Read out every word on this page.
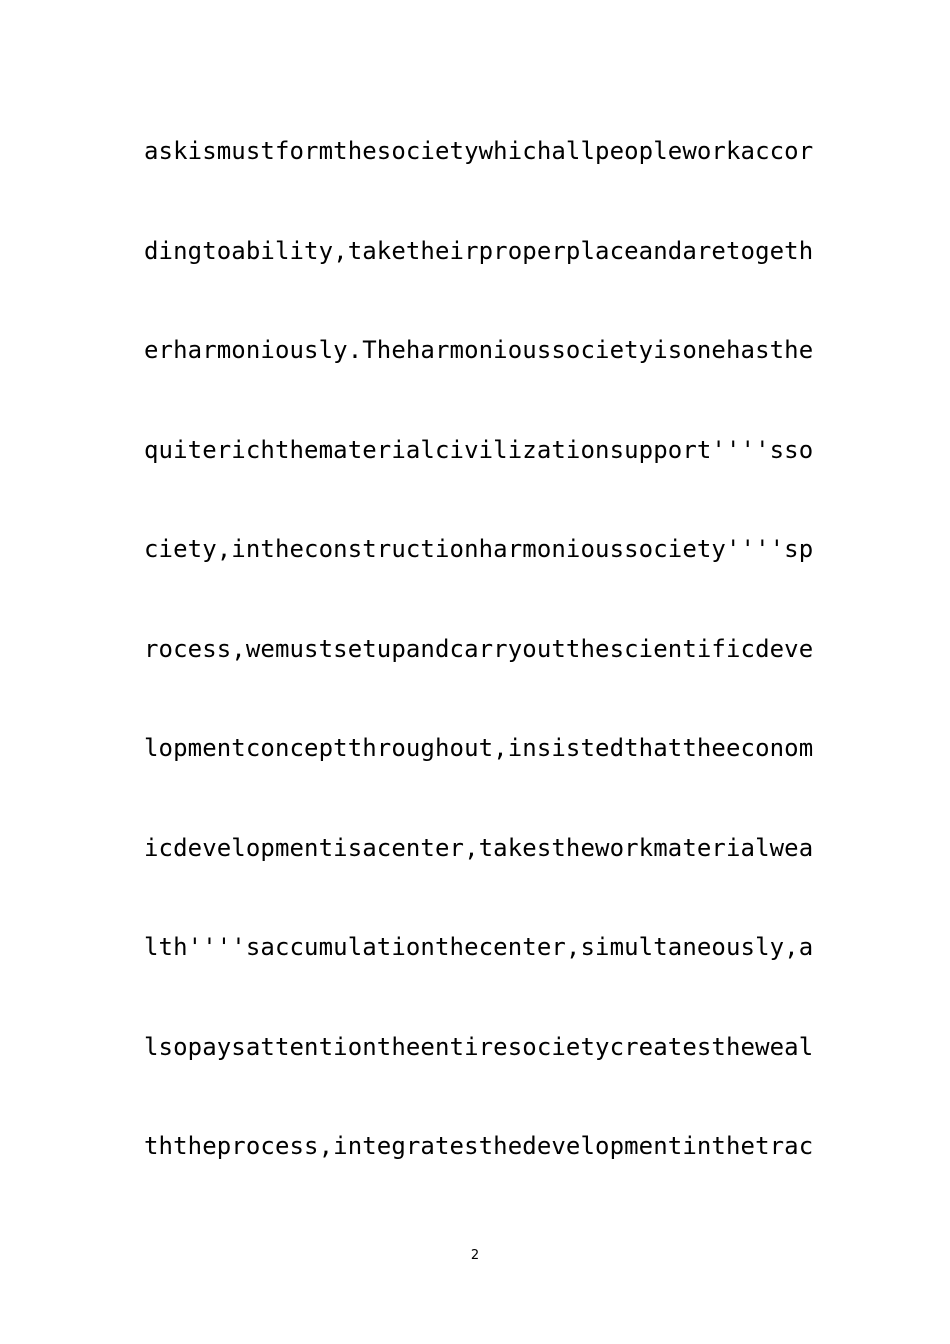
askismustformthesocietywhichallpeopleworkaccor
dingtoability,taketheirproperplaceandaretogeth
erharmoniously.Theharmonioussocietyisonehasthe
quiterichthematerialcivilizationsupport''''sso
ciety,intheconstructionharmonioussociety''''sp
rocess,wemustsetupandcarryoutthescientificdeve
lopmentconceptthroughout,insistedthattheeconom
icdevelopmentisacenter,takestheworkmaterialwea
lth''''saccumulationthecenter,simultaneously,a
lsopaysattentiontheentiresocietycreatestheweal
ththeprocess,integratesthedevelopmentinthetrac
2
